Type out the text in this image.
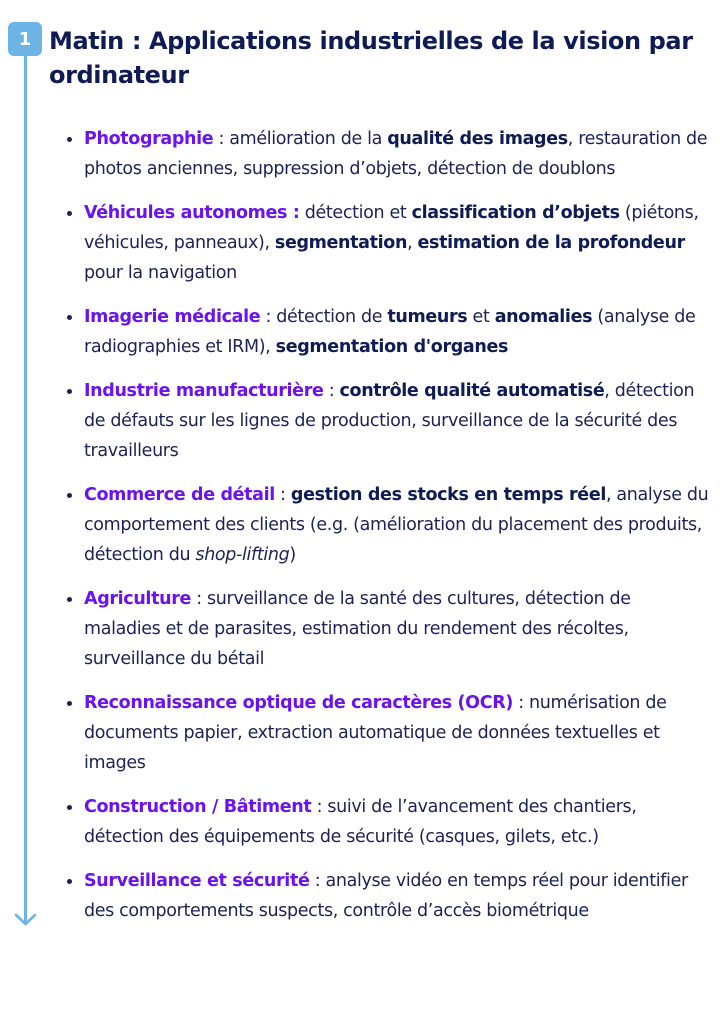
1 Matin : Applications industrielles de la vision par ordinateur
Photographie : amélioration de la qualité des images, restauration de photos anciennes, suppression d’objets, détection de doublons
Véhicules autonomes : détection et classification d’objets (piétons, véhicules, panneaux), segmentation, estimation de la profondeur pour la navigation
Imagerie médicale : détection de tumeurs et anomalies (analyse de radiographies et IRM), segmentation d'organes
Industrie manufacturière : contrôle qualité automatisé, détection de défauts sur les lignes de production, surveillance de la sécurité des travailleurs
Commerce de détail : gestion des stocks en temps réel, analyse du comportement des clients (e.g. (amélioration du placement des produits, détection du shop-lifting)
Agriculture : surveillance de la santé des cultures, détection de maladies et de parasites, estimation du rendement des récoltes, surveillance du bétail
Reconnaissance optique de caractères (OCR) : numérisation de documents papier, extraction automatique de données textuelles et images
Construction / Bâtiment : suivi de l’avancement des chantiers, détection des équipements de sécurité (casques, gilets, etc.)
Surveillance et sécurité : analyse vidéo en temps réel pour identifier des comportements suspects, contrôle d’accès biométrique
